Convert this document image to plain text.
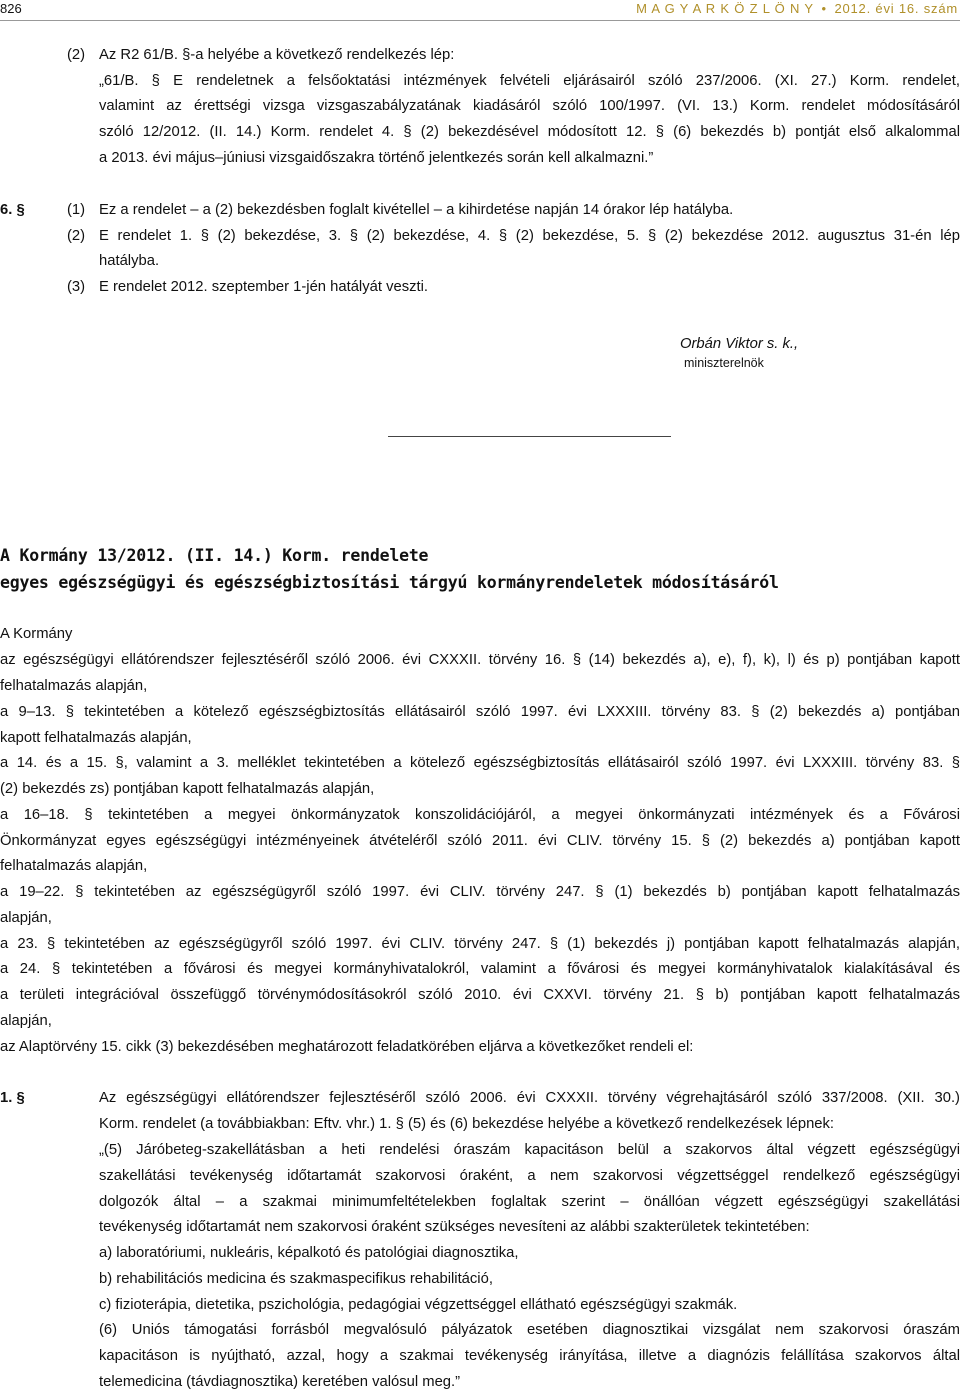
826	M A G Y A R K Ö Z L Ö N Y • 2012. évi 16. szám
(2) Az R2 61/B. §-a helyébe a következő rendelkezés lép:
„61/B. § E rendeletnek a felsőoktatási intézmények felvételi eljárásairól szóló 237/2006. (XI. 27.) Korm. rendelet,
valamint az érettségi vizsga vizsgaszabályzatának kiadásáról szóló 100/1997. (VI. 13.) Korm. rendelet módosításáról
szóló 12/2012. (II. 14.) Korm. rendelet 4. § (2) bekezdésével módosított 12. § (6) bekezdés b) pontját első alkalommal
a 2013. évi május–júniusi vizsgaidőszakra történő jelentkezés során kell alkalmazni.”
6. §	(1) Ez a rendelet – a (2) bekezdésben foglalt kivétellel – a kihirdetése napján 14 órakor lép hatályba.
(2) E rendelet 1. § (2) bekezdése, 3. § (2) bekezdése, 4. § (2) bekezdése, 5. § (2) bekezdése 2012. augusztus 31-én lép
hatályba.
(3) E rendelet 2012. szeptember 1-jén hatályát veszti.
Orbán Viktor s. k.,
miniszterelnök
A Kormány 13/2012. (II. 14.) Korm. rendelete
egyes egészségügyi és egészségbiztosítási tárgyú kormányrendeletek módosításáról
A Kormány
az egészségügyi ellátórendszer fejlesztéséről szóló 2006. évi CXXXII. törvény 16. § (14) bekezdés a), e), f), k), l) és p) pontjában kapott
felhatalmazás alapján,
a 9–13. § tekintetében a kötelező egészségbiztosítás ellátásairól szóló 1997. évi LXXXIII. törvény 83. § (2) bekezdés a) pontjában
kapott felhatalmazás alapján,
a 14. és a 15. §, valamint a 3. melléklet tekintetében a kötelező egészségbiztosítás ellátásairól szóló 1997. évi LXXXIII. törvény 83. §
(2) bekezdés zs) pontjában kapott felhatalmazás alapján,
a 16–18. § tekintetében a megyei önkormányzatok konszolidációjáról, a megyei önkormányzati intézmények és a Fővárosi
Önkormányzat egyes egészségügyi intézményeinek átvételéről szóló 2011. évi CLIV. törvény 15. § (2) bekezdés a) pontjában kapott
felhatalmazás alapján,
a 19–22. § tekintetében az egészségügyről szóló 1997. évi CLIV. törvény 247. § (1) bekezdés b) pontjában kapott felhatalmazás
alapján,
a 23. § tekintetében az egészségügyről szóló 1997. évi CLIV. törvény 247. § (1) bekezdés j) pontjában kapott felhatalmazás alapján,
a 24. § tekintetében a fővárosi és megyei kormányhivatalokról, valamint a fővárosi és megyei kormányhivatalok kialakításával és
a területi integrációval összefüggő törvénymódosításokról szóló 2010. évi CXXVI. törvény 21. § b) pontjában kapott felhatalmazás
alapján,
az Alaptörvény 15. cikk (3) bekezdésében meghatározott feladatkörében eljárva a következőket rendeli el:
1. §	Az egészségügyi ellátórendszer fejlesztéséről szóló 2006. évi CXXXII. törvény végrehajtásáról szóló 337/2008. (XII. 30.)
Korm. rendelet (a továbbiakban: Eftv. vhr.) 1. § (5) és (6) bekezdése helyébe a következő rendelkezések lépnek:
„(5) Járóbeteg-szakellátásban a heti rendelési óraszám kapacitáson belül a szakorvos által végzett egészségügyi
szakellátási tevékenység időtartamát szakorvosi óraként, a nem szakorvosi végzettséggel rendelkező egészségügyi
dolgozók által – a szakmai minimumfeltételekben foglaltak szerint – önállóan végzett egészségügyi szakellátási
tevékenység időtartamát nem szakorvosi óraként szükséges nevesíteni az alábbi szakterületek tekintetében:
a) laboratóriumi, nukleáris, képalkotó és patológiai diagnosztika,
b) rehabilitációs medicina és szakmaspecifikus rehabilitáció,
c) fizioterápia, dietetika, pszichológia, pedagógiai végzettséggel ellátható egészségügyi szakmák.
(6) Uniós támogatási forrásból megvalósuló pályázatok esetében diagnosztikai vizsgálat nem szakorvosi óraszám
kapacitáson is nyújtható, azzal, hogy a szakmai tevékenység irányítása, illetve a diagnózis felállítása szakorvos által
telemedicina (távdiagnosztika) keretében valósul meg.”
